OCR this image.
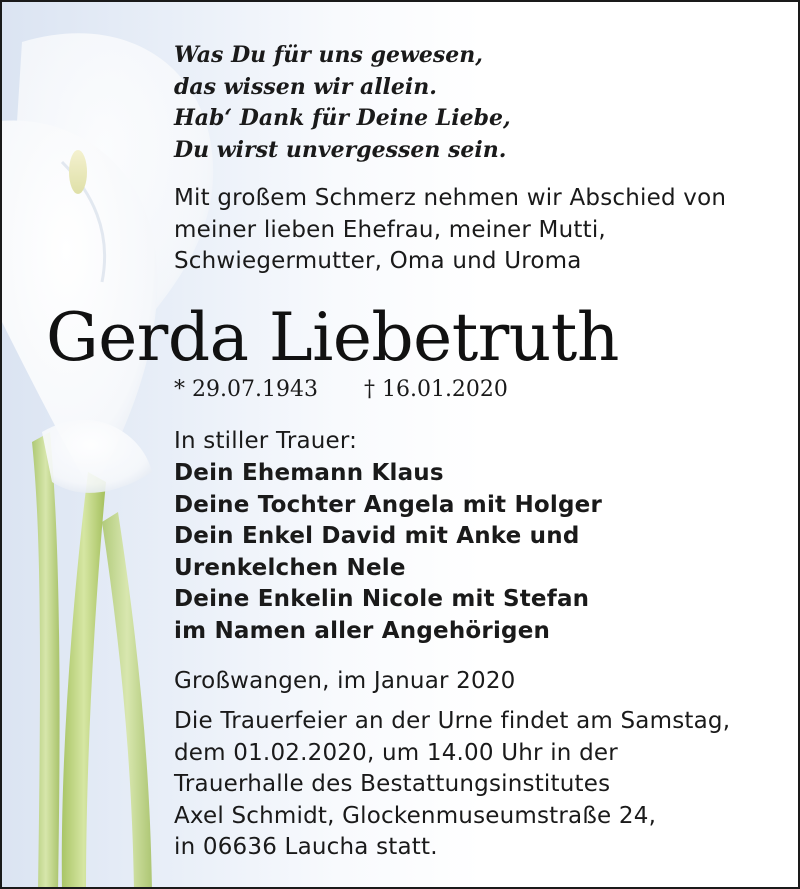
Was Du für uns gewesen,
das wissen wir allein.
Hab‘ Dank für Deine Liebe,
Du wirst unvergessen sein.
Mit großem Schmerz nehmen wir Abschied von
meiner lieben Ehefrau, meiner Mutti,
Schwiegermutter, Oma und Uroma
Gerda Liebetruth
* 29.07.1943 † 16.01.2020
In stiller Trauer:
Dein Ehemann Klaus
Deine Tochter Angela mit Holger
Dein Enkel David mit Anke und
Urenkelchen Nele
Deine Enkelin Nicole mit Stefan
im Namen aller Angehörigen
Großwangen, im Januar 2020
Die Trauerfeier an der Urne findet am Samstag,
dem 01.02.2020, um 14.00 Uhr in der
Trauerhalle des Bestattungsinstitutes
Axel Schmidt, Glockenmuseumstraße 24,
in 06636 Laucha statt.
